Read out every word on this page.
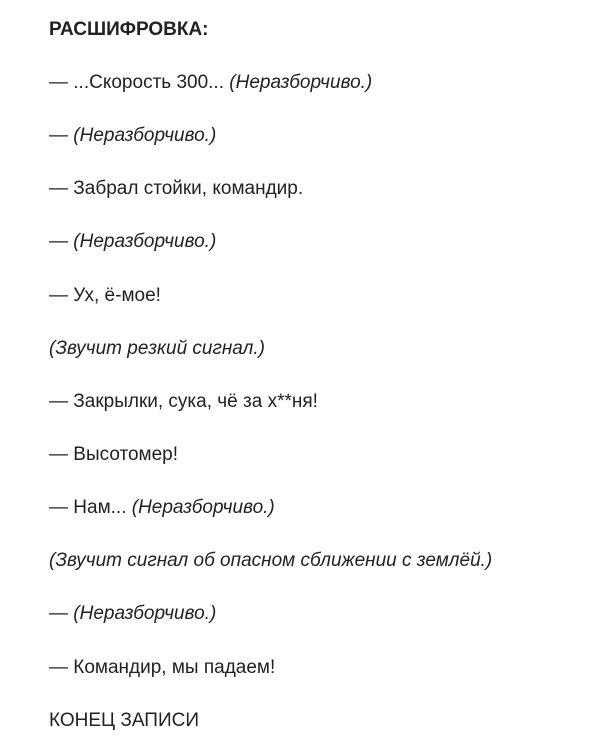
РАСШИФРОВКА:

— ...Скорость 300... (Неразборчиво.)

— (Неразборчиво.)

— Забрал стойки, командир.

— (Неразборчиво.)

— Ух, ё-мое!

(Звучит резкий сигнал.)

— Закрылки, сука, чё за х**ня!

— Высотомер!

— Нам... (Неразборчиво.)

(Звучит сигнал об опасном сближении с землёй.)

— (Неразборчиво.)

— Командир, мы падаем!

КОНЕЦ ЗАПИСИ
